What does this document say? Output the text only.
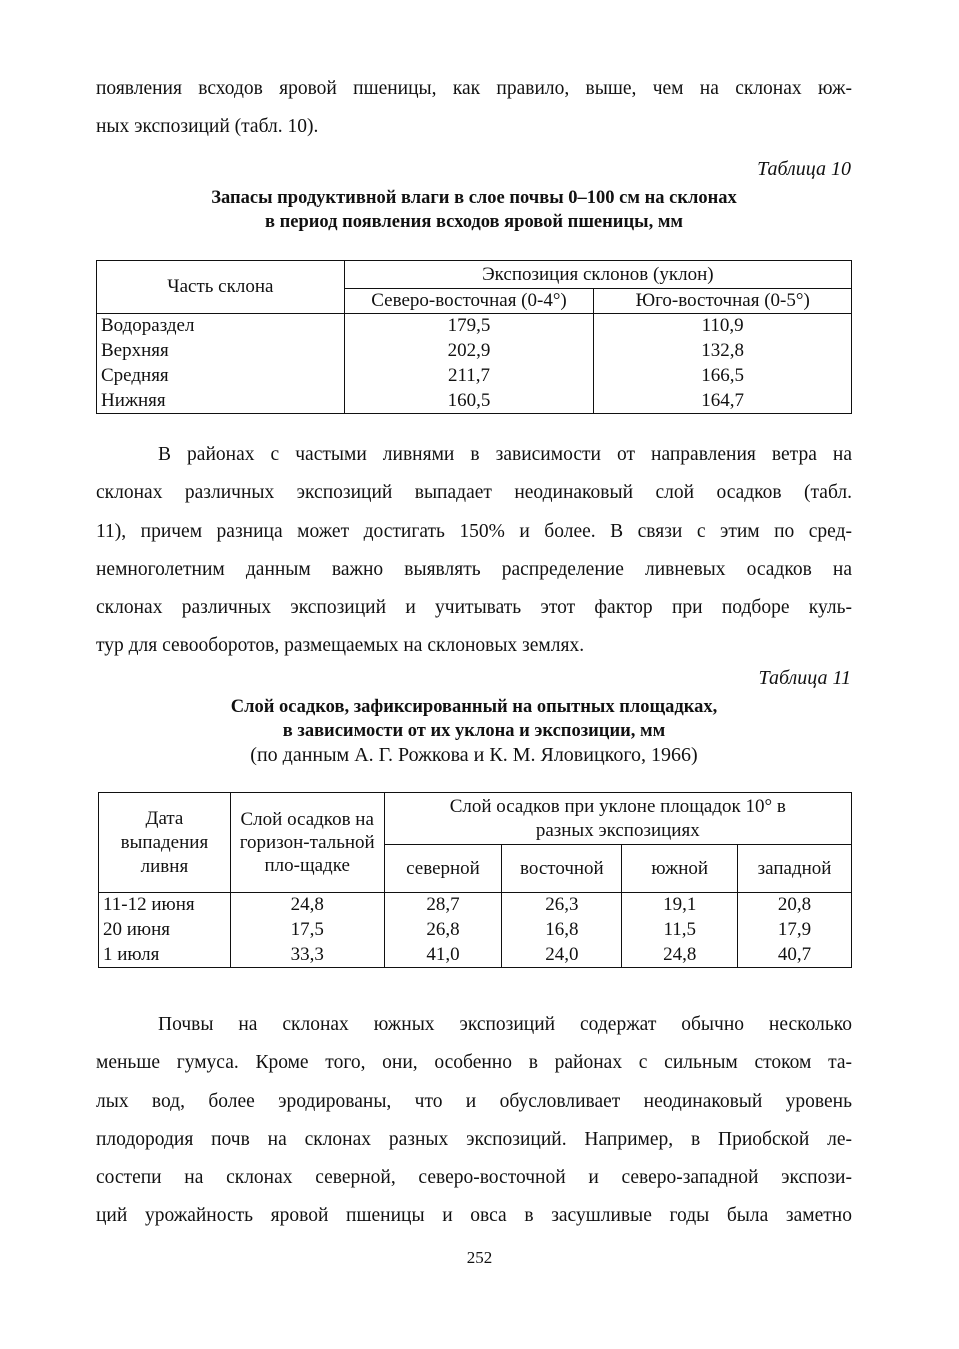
появления всходов яровой пшеницы, как правило, выше, чем на склонах юж-
ных экспозиций (табл. 10).
Таблица 10
Запасы продуктивной влаги в слое почвы 0–100 см на склонах
в период появления всходов яровой пшеницы, мм
Часть склона	Экспозиция склонов (уклон)	
	Северо-восточная (0-4°)	Юго-восточная (0-5°)
Водораздел	179,5	110,9
Верхняя	202,9	132,8
Средняя	211,7	166,5
Нижняя	160,5	164,7
В районах с частыми ливнями в зависимости от направления ветра на
склонах различных экспозиций выпадает неодинаковый слой осадков (табл.
11), причем разница может достигать 150% и более. В связи с этим по сред-
немноголетним данным важно выявлять распределение ливневых осадков на
склонах различных экспозиций и учитывать этот фактор при подборе куль-
тур для севооборотов, размещаемых на склоновых землях.
Таблица 11
Слой осадков, зафиксированный на опытных площадках,
в зависимости от их уклона и экспозиции, мм
(по данным А. Г. Рожкова и К. М. Яловицкого, 1966)
Дата выпадения ливня	Слой осадков на горизон-тальной пло-щадке	Слой осадков при уклоне площадок 10° в разных экспозициях			
		северной	восточной	южной	западной
11-12 июня	24,8	28,7	26,3	19,1	20,8
20 июня	17,5	26,8	16,8	11,5	17,9
1 июля	33,3	41,0	24,0	24,8	40,7
Почвы на склонах южных экспозиций содержат обычно несколько
меньше гумуса. Кроме того, они, особенно в районах с сильным стоком та-
лых вод, более эродированы, что и обусловливает неодинаковый уровень
плодородия почв на склонах разных экспозиций. Например, в Приобской ле-
состепи на склонах северной, северо-восточной и северо-западной экспози-
ций урожайность яровой пшеницы и овса в засушливые годы была заметно
252
